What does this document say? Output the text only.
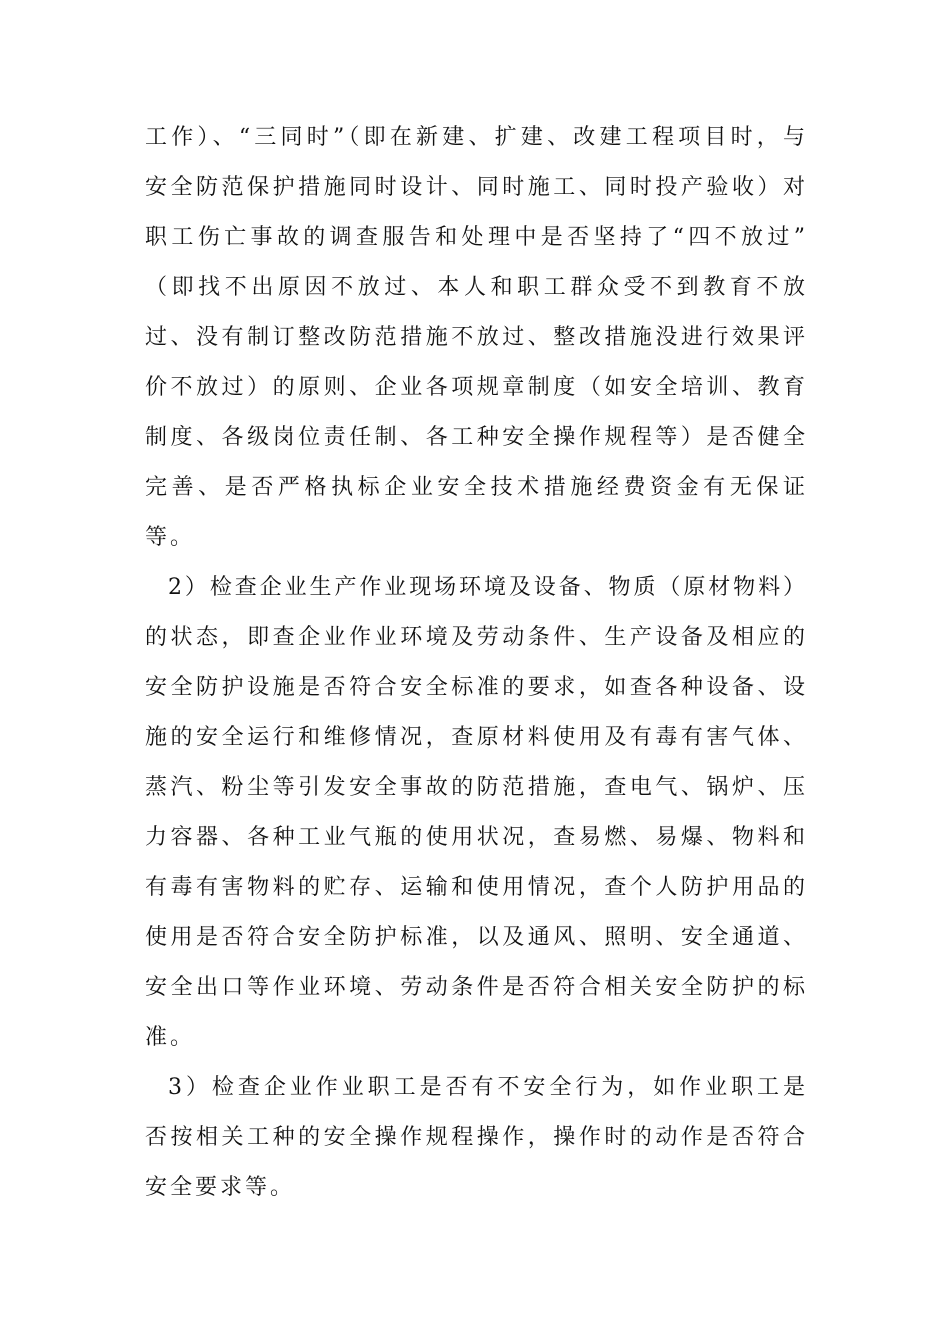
工作）、“三同时”（即在新建、扩建、改建工程项目时，与

安全防范保护措施同时设计、同时施工、同时投产验收）对

职工伤亡事故的调查服告和处理中是否坚持了“四不放过”

（即找不出原因不放过、本人和职工群众受不到教育不放

过、没有制订整改防范措施不放过、整改措施没进行效果评

价不放过）的原则、企业各项规章制度（如安全培训、教育

制度、各级岗位责任制、各工种安全操作规程等）是否健全

完善、是否严格执标企业安全技术措施经费资金有无保证

等。

2）检查企业生产作业现场环境及设备、物质（原材物料）

的状态，即查企业作业环境及劳动条件、生产设备及相应的

安全防护设施是否符合安全标准的要求，如查各种设备、设

施的安全运行和维修情况，查原材料使用及有毒有害气体、

蒸汽、粉尘等引发安全事故的防范措施，查电气、锅炉、压

力容器、各种工业气瓶的使用状况，查易燃、易爆、物料和

有毒有害物料的贮存、运输和使用情况，查个人防护用品的

使用是否符合安全防护标准，以及通风、照明、安全通道、

安全出口等作业环境、劳动条件是否符合相关安全防护的标

准。

3）检查企业作业职工是否有不安全行为，如作业职工是

否按相关工种的安全操作规程操作，操作时的动作是否符合

安全要求等。
